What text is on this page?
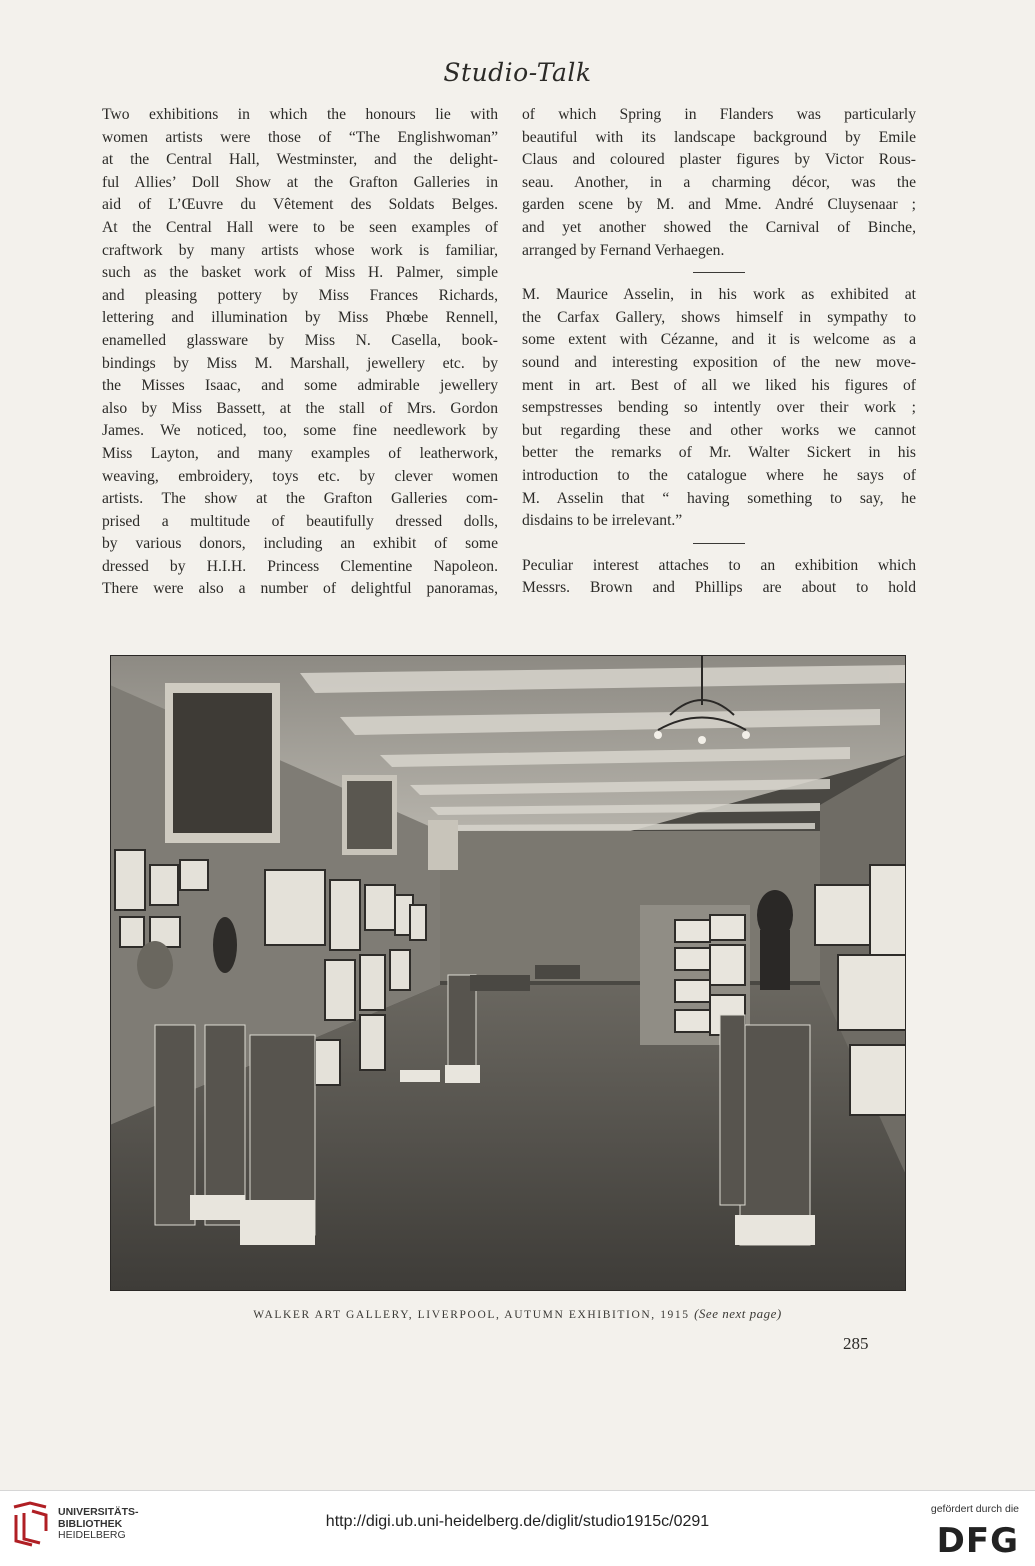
Studio-Talk
Two exhibitions in which the honours lie with
women artists were those of “The Englishwoman”
at the Central Hall, Westminster, and the delight-
ful Allies’ Doll Show at the Grafton Galleries in
aid of L’Œuvre du Vêtement des Soldats Belges.
At the Central Hall were to be seen examples of
craftwork by many artists whose work is familiar,
such as the basket work of Miss H. Palmer, simple
and pleasing pottery by Miss Frances Richards,
lettering and illumination by Miss Phœbe Rennell,
enamelled glassware by Miss N. Casella, book-
bindings by Miss M. Marshall, jewellery etc. by
the Misses Isaac, and some admirable jewellery
also by Miss Bassett, at the stall of Mrs. Gordon
James. We noticed, too, some fine needlework by
Miss Layton, and many examples of leatherwork,
weaving, embroidery, toys etc. by clever women
artists. The show at the Grafton Galleries com-
prised a multitude of beautifully dressed dolls,
by various donors, including an exhibit of some
dressed by H.I.H. Princess Clementine Napoleon.
There were also a number of delightful panoramas,
of which Spring in Flanders was particularly
beautiful with its landscape background by Emile
Claus and coloured plaster figures by Victor Rous-
seau. Another, in a charming décor, was the
garden scene by M. and Mme. André Cluysenaar ;
and yet another showed the Carnival of Binche,
arranged by Fernand Verhaegen.
M. Maurice Asselin, in his work as exhibited at
the Carfax Gallery, shows himself in sympathy to
some extent with Cézanne, and it is welcome as a
sound and interesting exposition of the new move-
ment in art. Best of all we liked his figures of
sempstresses bending so intently over their work ;
but regarding these and other works we cannot
better the remarks of Mr. Walter Sickert in his
introduction to the catalogue where he says of
M. Asselin that “ having something to say, he
disdains to be irrelevant.”
Peculiar interest attaches to an exhibition which
Messrs. Brown and Phillips are about to hold
WALKER ART GALLERY, LIVERPOOL, AUTUMN EXHIBITION, 1915 (See next page)
285
UNIVERSITÄTS-
BIBLIOTHEK
HEIDELBERG
http://digi.ub.uni-heidelberg.de/diglit/studio1915c/0291
gefördert durch die
DFG
